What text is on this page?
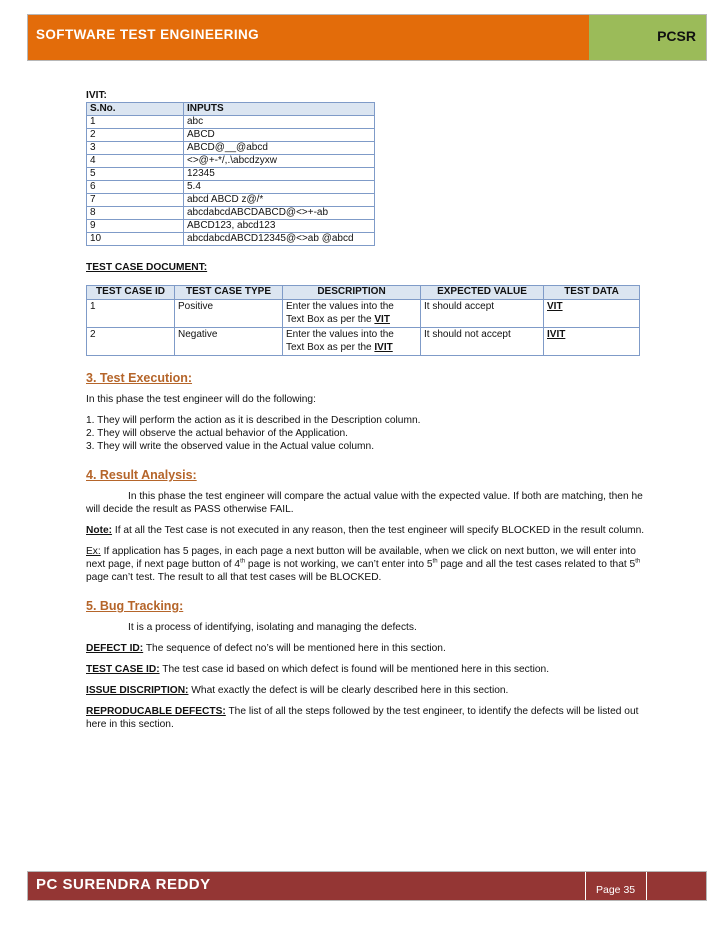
SOFTWARE TEST ENGINEERING	PCSR
IVIT:
S.No.	INPUTS
1	abc
2	ABCD
3	ABCD@__@abcd
4	<>@+-*/,.\abcdzyxw
5	12345
6	5.4
7	abcd ABCD z@/*
8	abcdabcdABCDABCD@<>+-ab
9	ABCD123, abcd123
10	abcdabcdABCD12345@<>ab @abcd
TEST CASE DOCUMENT:
TEST CASE ID	TEST CASE TYPE	DESCRIPTION	EXPECTED VALUE	TEST DATA
1	Positive	Enter the values into the
Text Box as per the VIT	It should accept	VIT
2	Negative	Enter the values into the
Text Box as per the IVIT	It should not accept	IVIT
3. Test Execution:

In this phase the test engineer will do the following:

1. They will perform the action as it is described in the Description column.
2. They will observe the actual behavior of the Application.
3. They will write the observed value in the Actual value column.
4. Result Analysis:

In this phase the test engineer will compare the actual value with the expected value. If both are matching, then he will decide the result as PASS otherwise FAIL.

Note: If at all the Test case is not executed in any reason, then the test engineer will specify BLOCKED in the result column.

Ex: If application has 5 pages, in each page a next button will be available, when we click on next button, we will enter into next page, if next page button of 4th page is not working, we can’t enter into 5th page and all the test cases related to that 5th page can’t test. The result to all that test cases will be BLOCKED.

5. Bug Tracking:

It is a process of identifying, isolating and managing the defects.

DEFECT ID: The sequence of defect no’s will be mentioned here in this section.

TEST CASE ID: The test case id based on which defect is found will be mentioned here in this section.

ISSUE DISCRIPTION: What exactly the defect is will be clearly described here in this section.

REPRODUCABLE DEFECTS: The list of all the steps followed by the test engineer, to identify the defects will be listed out here in this section.

PC SURENDRA REDDY	Page 35
